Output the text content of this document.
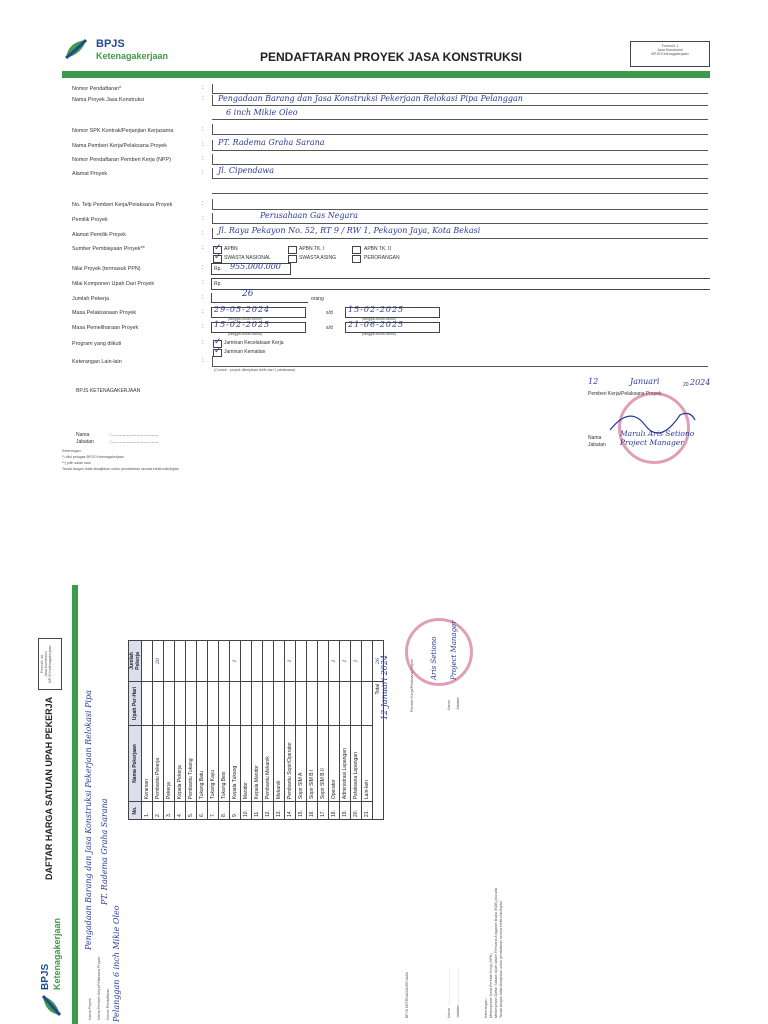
BPJS
Ketenagakerjaan	PENDAFTARAN PROYEK JASA KONSTRUKSI
Formulir 1
Jasa Konstruksi
BPJS Ketenagakerjaan
Nomor Pendaftaran*	:
Nama Proyek Jasa Konstruksi	: Pengadaan Barang dan Jasa Konstruksi Pekerjaan Relokasi Pipa Pelanggan
6 inch Mikie Oleo
Nomor SPK Kontrak/Perjanjian Kerjasama	:
Nama Pemberi Kerja/Pelaksana Proyek	: PT. Radema Graha Sarana
Nomor Pendaftaran Pemberi Kerja (NPP)	:
Alamat Proyek	: Jl. Cipendawa
No. Telp Pemberi Kerja/Pelaksana Proyek	:
Pemilik Proyek	:	Perusahaan Gas Negara
Alamat Pemilik Proyek	: Jl. Raya Pekayon No. 52, RT 9 / RW 1, Pekayon Jaya, Kota Bekasi
Sumber Pembiayaan Proyek**	: ✓	APBN	APBN TK. I	APBN TK. II
✓
SWASTA NASIONAL	SWASTA ASING	PERORANGAN
Nilai Proyek (termasuk PPN)	: Rp. 955.000.000
Nilai Komponen Upah Dari Proyek	: Rp.
Jumlah Pekerja	:	26	orang
Masa Pelaksanaan Proyek	: 29-05-2024
(tanggal-bulan-tahun)
s/d 15-02-2025
(tanggal-bulan-tahun)
Masa Pemeliharaan Proyek	: 15-02-2025
(tanggal-bulan-tahun)
s/d 21-06-2025
(tanggal-bulan-tahun)
Program yang diikuti	: ✓	Jaminan Kecelakaan Kerja
✓
Jaminan Kematian
Keterangan Lain-lain	:
(Contoh : proyek dikerjakan lebih dari 1 pelaksana)
BPJS KETENAGAKERJAAN
Nama	:..................................
Jabatan	:..................................
Keterangan :
*) diisi petugas BPJS Ketenagakerjaan
**) pilih salah satu
Tanda tangan tidak diwajibkan untuk pendaftaran secara elektronik/digital
12	Januari	20 2024
Pemberi Kerja/Pelaksana Proyek
Nama Marulı Aris Setiono
Jabatan Project Manager
BPJS Ketenagakerjaan
DAFTAR HARGA SATUAN UPAH PEKERJA
Formulir 1a Jasa Konstruksi BPJS Ketenagakerjaan
Nama Proyek Nama Pemberi Kerja/Pelaksana Proyek Nomor Pendaftaran
Pengadaan Barang dan Jasa Konstruksi Pekerjaan Relokasi Pipa PT. Radema Graha Sarana
Pelanggan 6 inch Mikie Oleo
No.	Nama Pekerjaan	Upah Per-Hari	Jumlah Pekerja
1.	Kenenan		
2.	Pembantu Pekerja		20
3.	Pekerja		
4.	Kepala Pekerja		
5.	Pembantu Tukang		
6.	Tukang Batu		
7.	Tukang Kayu		
8.	Tukang Besi		
9.	Kepala Tukang		1
10.	Mandor		
11.	Kepala Mandor		
12.	Pembantu Mekanik		
13.	Mekanik		
14.	Pembantu Sopir/Operator		1
15.	Sopir SIM A		
16.	Sopir SIM B I		
17.	Sopir SIM B II		
18.	Operator		1
19.	Administrasi Lapangan		1
20.	Pelaksana Lapangan		1
21.	Lain-lain		
Total			26 12 Januari 2024	Pemberi Kerja/Pelaksana Proyek	Nama Jabatan
Aris Setiono Project Manager
BPJS KETENAGAKERJAAN	Nama
:....................................
Jabatan
:....................................
Keterangan : Melampirkan Surat Perintah Kerja (SPK) Melampirkan Daftar Satuan Upah dalam Rencana Anggaran Biaya (RAB) jika ada Tanda tangan tidak diwajibkan untuk pendaftaran secara elektronik/digital
